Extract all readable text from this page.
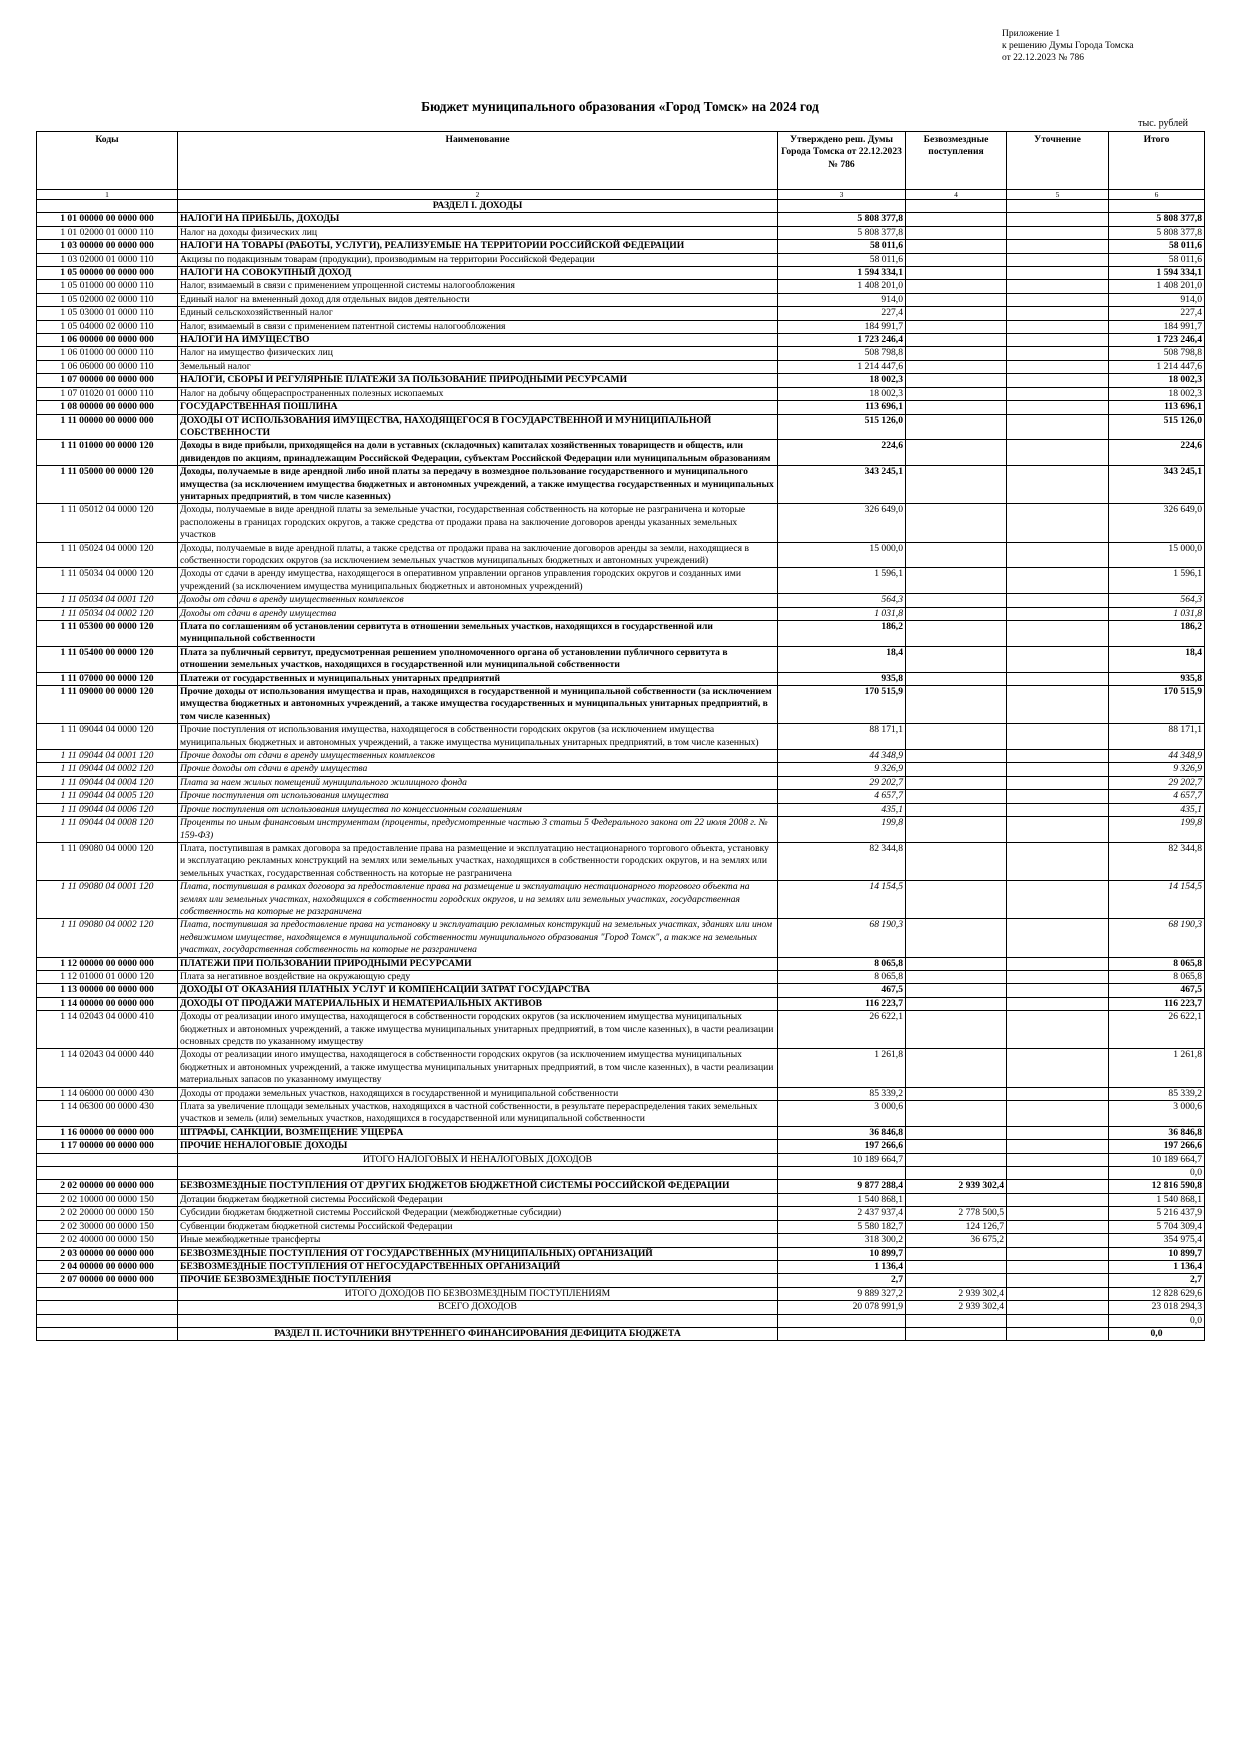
Приложение 1
к решению Думы Города Томска
от 22.12.2023 № 786
Бюджет муниципального образования «Город Томск» на 2024 год
тыс. рублей
Коды	Наименование	Утверждено реш. Думы Города Томска от 22.12.2023 № 786	Безвозмездные поступления	Уточнение	Итого
1	2	3	4	5	6
	РАЗДЕЛ I. ДОХОДЫ				
1 01 00000 00 0000 000	НАЛОГИ НА ПРИБЫЛЬ, ДОХОДЫ	5 808 377,8			5 808 377,8
1 01 02000 01 0000 110	Налог на доходы физических лиц	5 808 377,8			5 808 377,8
1 03 00000 00 0000 000	НАЛОГИ НА ТОВАРЫ (РАБОТЫ, УСЛУГИ), РЕАЛИЗУЕМЫЕ НА ТЕРРИТОРИИ РОССИЙСКОЙ ФЕДЕРАЦИИ	58 011,6			58 011,6
1 03 02000 01 0000 110	Акцизы по подакцизным товарам (продукции), производимым на территории Российской Федерации	58 011,6			58 011,6
1 05 00000 00 0000 000	НАЛОГИ НА СОВОКУПНЫЙ ДОХОД	1 594 334,1			1 594 334,1
1 05 01000 00 0000 110	Налог, взимаемый в связи с применением упрощенной системы налогообложения	1 408 201,0			1 408 201,0
1 05 02000 02 0000 110	Единый налог на вмененный доход для отдельных видов деятельности	914,0			914,0
1 05 03000 01 0000 110	Единый сельскохозяйственный налог	227,4			227,4
1 05 04000 02 0000 110	Налог, взимаемый в связи с применением патентной системы налогообложения	184 991,7			184 991,7
1 06 00000 00 0000 000	НАЛОГИ НА ИМУЩЕСТВО	1 723 246,4			1 723 246,4
1 06 01000 00 0000 110	Налог на имущество физических лиц	508 798,8			508 798,8
1 06 06000 00 0000 110	Земельный налог	1 214 447,6			1 214 447,6
1 07 00000 00 0000 000	НАЛОГИ, СБОРЫ И РЕГУЛЯРНЫЕ ПЛАТЕЖИ ЗА ПОЛЬЗОВАНИЕ ПРИРОДНЫМИ РЕСУРСАМИ	18 002,3			18 002,3
1 07 01020 01 0000 110	Налог на добычу общераспространенных полезных ископаемых	18 002,3			18 002,3
1 08 00000 00 0000 000	ГОСУДАРСТВЕННАЯ ПОШЛИНА	113 696,1			113 696,1
1 11 00000 00 0000 000	ДОХОДЫ ОТ ИСПОЛЬЗОВАНИЯ ИМУЩЕСТВА, НАХОДЯЩЕГОСЯ В ГОСУДАРСТВЕННОЙ И МУНИЦИПАЛЬНОЙ СОБСТВЕННОСТИ	515 126,0			515 126,0
1 11 01000 00 0000 120	Доходы в виде прибыли, приходящейся на доли в уставных (складочных) капиталах хозяйственных товариществ и обществ, или дивидендов по акциям, принадлежащим Российской Федерации, субъектам Российской Федерации или муниципальным образованиям	224,6			224,6
1 11 05000 00 0000 120	Доходы, получаемые в виде арендной либо иной платы за передачу в возмездное пользование государственного и муниципального имущества (за исключением имущества бюджетных и автономных учреждений, а также имущества государственных и муниципальных унитарных предприятий, в том числе казенных)	343 245,1			343 245,1
1 11 05012 04 0000 120	Доходы, получаемые в виде арендной платы за земельные участки, государственная собственность на которые не разграничена и которые расположены в границах городских округов, а также средства от продажи права на заключение договоров аренды указанных земельных участков	326 649,0			326 649,0
1 11 05024 04 0000 120	Доходы, получаемые в виде арендной платы, а также средства от продажи права на заключение договоров аренды за земли, находящиеся в собственности городских округов (за исключением земельных участков муниципальных бюджетных и автономных учреждений)	15 000,0			15 000,0
1 11 05034 04 0000 120	Доходы от сдачи в аренду имущества, находящегося в оперативном управлении органов управления городских округов и созданных ими учреждений (за исключением имущества муниципальных бюджетных и автономных учреждений)	1 596,1			1 596,1
1 11 05034 04 0001 120	Доходы от сдачи в аренду имущественных комплексов	564,3			564,3
1 11 05034 04 0002 120	Доходы от сдачи в аренду имущества	1 031,8			1 031,8
1 11 05300 00 0000 120	Плата по соглашениям об установлении сервитута в отношении земельных участков, находящихся в государственной или муниципальной собственности	186,2			186,2
1 11 05400 00 0000 120	Плата за публичный сервитут, предусмотренная решением уполномоченного органа об установлении публичного сервитута в отношении земельных участков, находящихся в государственной или муниципальной собственности	18,4			18,4
1 11 07000 00 0000 120	Платежи от государственных и муниципальных унитарных предприятий	935,8			935,8
1 11 09000 00 0000 120	Прочие доходы от использования имущества и прав, находящихся в государственной и муниципальной собственности (за исключением имущества бюджетных и автономных учреждений, а также имущества государственных и муниципальных унитарных предприятий, в том числе казенных)	170 515,9			170 515,9
1 11 09044 04 0000 120	Прочие поступления от использования имущества, находящегося в собственности городских округов (за исключением имущества муниципальных бюджетных и автономных учреждений, а также имущества муниципальных унитарных предприятий, в том числе казенных)	88 171,1			88 171,1
1 11 09044 04 0001 120	Прочие доходы от сдачи в аренду имущественных комплексов	44 348,9			44 348,9
1 11 09044 04 0002 120	Прочие доходы от сдачи в аренду имущества	9 326,9			9 326,9
1 11 09044 04 0004 120	Плата за наем жилых помещений муниципального жилищного фонда	29 202,7			29 202,7
1 11 09044 04 0005 120	Прочие поступления от использования имущества	4 657,7			4 657,7
1 11 09044 04 0006 120	Прочие поступления от использования имущества по концессионным соглашениям	435,1			435,1
1 11 09044 04 0008 120	Проценты по иным финансовым инструментам (проценты, предусмотренные частью 3 статьи 5 Федерального закона от 22 июля 2008 г. № 159-ФЗ)	199,8			199,8
1 11 09080 04 0000 120	Плата, поступившая в рамках договора за предоставление права на размещение и эксплуатацию нестационарного торгового объекта, установку и эксплуатацию рекламных конструкций на землях или земельных участках, находящихся в собственности городских округов, и на землях или земельных участках, государственная собственность на которые не разграничена	82 344,8			82 344,8
1 11 09080 04 0001 120	Плата, поступившая в рамках договора за предоставление права на размещение и эксплуатацию нестационарного торгового объекта на землях или земельных участках, находящихся в собственности городских округов, и на землях или земельных участках, государственная собственность на которые не разграничена	14 154,5			14 154,5
1 11 09080 04 0002 120	Плата, поступившая за предоставление права на установку и эксплуатацию рекламных конструкций на земельных участках, зданиях или ином недвижимом имуществе, находящемся в муниципальной собственности муниципального образования "Город Томск", а также на земельных участках, государственная собственность на которые не разграничена	68 190,3			68 190,3
1 12 00000 00 0000 000	ПЛАТЕЖИ ПРИ ПОЛЬЗОВАНИИ ПРИРОДНЫМИ РЕСУРСАМИ	8 065,8			8 065,8
1 12 01000 01 0000 120	Плата за негативное воздействие на окружающую среду	8 065,8			8 065,8
1 13 00000 00 0000 000	ДОХОДЫ ОТ ОКАЗАНИЯ ПЛАТНЫХ УСЛУГ И КОМПЕНСАЦИИ ЗАТРАТ ГОСУДАРСТВА	467,5			467,5
1 14 00000 00 0000 000	ДОХОДЫ ОТ ПРОДАЖИ МАТЕРИАЛЬНЫХ И НЕМАТЕРИАЛЬНЫХ АКТИВОВ	116 223,7			116 223,7
1 14 02043 04 0000 410	Доходы от реализации иного имущества, находящегося в собственности городских округов (за исключением имущества муниципальных бюджетных и автономных учреждений, а также имущества муниципальных унитарных предприятий, в том числе казенных), в части реализации основных средств по указанному имуществу	26 622,1			26 622,1
1 14 02043 04 0000 440	Доходы от реализации иного имущества, находящегося в собственности городских округов (за исключением имущества муниципальных бюджетных и автономных учреждений, а также имущества муниципальных унитарных предприятий, в том числе казенных), в части реализации материальных запасов по указанному имуществу	1 261,8			1 261,8
1 14 06000 00 0000 430	Доходы от продажи земельных участков, находящихся в государственной и муниципальной собственности	85 339,2			85 339,2
1 14 06300 00 0000 430	Плата за увеличение площади земельных участков, находящихся в частной собственности, в результате перераспределения таких земельных участков и земель (или) земельных участков, находящихся в государственной или муниципальной собственности	3 000,6			3 000,6
1 16 00000 00 0000 000	ШТРАФЫ, САНКЦИИ, ВОЗМЕЩЕНИЕ УЩЕРБА	36 846,8			36 846,8
1 17 00000 00 0000 000	ПРОЧИЕ НЕНАЛОГОВЫЕ ДОХОДЫ	197 266,6			197 266,6
	ИТОГО НАЛОГОВЫХ И НЕНАЛОГОВЫХ ДОХОДОВ	10 189 664,7			10 189 664,7
					0,0
2 02 00000 00 0000 000	БЕЗВОЗМЕЗДНЫЕ ПОСТУПЛЕНИЯ ОТ ДРУГИХ БЮДЖЕТОВ БЮДЖЕТНОЙ СИСТЕМЫ РОССИЙСКОЙ ФЕДЕРАЦИИ	9 877 288,4	2 939 302,4		12 816 590,8
2 02 10000 00 0000 150	Дотации бюджетам бюджетной системы Российской Федерации	1 540 868,1			1 540 868,1
2 02 20000 00 0000 150	Субсидии бюджетам бюджетной системы Российской Федерации (межбюджетные субсидии)	2 437 937,4	2 778 500,5		5 216 437,9
2 02 30000 00 0000 150	Субвенции бюджетам бюджетной системы Российской Федерации	5 580 182,7	124 126,7		5 704 309,4
2 02 40000 00 0000 150	Иные межбюджетные трансферты	318 300,2	36 675,2		354 975,4
2 03 00000 00 0000 000	БЕЗВОЗМЕЗДНЫЕ ПОСТУПЛЕНИЯ ОТ ГОСУДАРСТВЕННЫХ (МУНИЦИПАЛЬНЫХ) ОРГАНИЗАЦИЙ	10 899,7			10 899,7
2 04 00000 00 0000 000	БЕЗВОЗМЕЗДНЫЕ ПОСТУПЛЕНИЯ ОТ НЕГОСУДАРСТВЕННЫХ ОРГАНИЗАЦИЙ	1 136,4			1 136,4
2 07 00000 00 0000 000	ПРОЧИЕ БЕЗВОЗМЕЗДНЫЕ ПОСТУПЛЕНИЯ	2,7			2,7
	ИТОГО ДОХОДОВ ПО БЕЗВОЗМЕЗДНЫМ ПОСТУПЛЕНИЯМ	9 889 327,2	2 939 302,4		12 828 629,6
	ВСЕГО ДОХОДОВ	20 078 991,9	2 939 302,4		23 018 294,3
					0,0
	РАЗДЕЛ II. ИСТОЧНИКИ ВНУТРЕННЕГО ФИНАНСИРОВАНИЯ ДЕФИЦИТА БЮДЖЕТА				0,0
